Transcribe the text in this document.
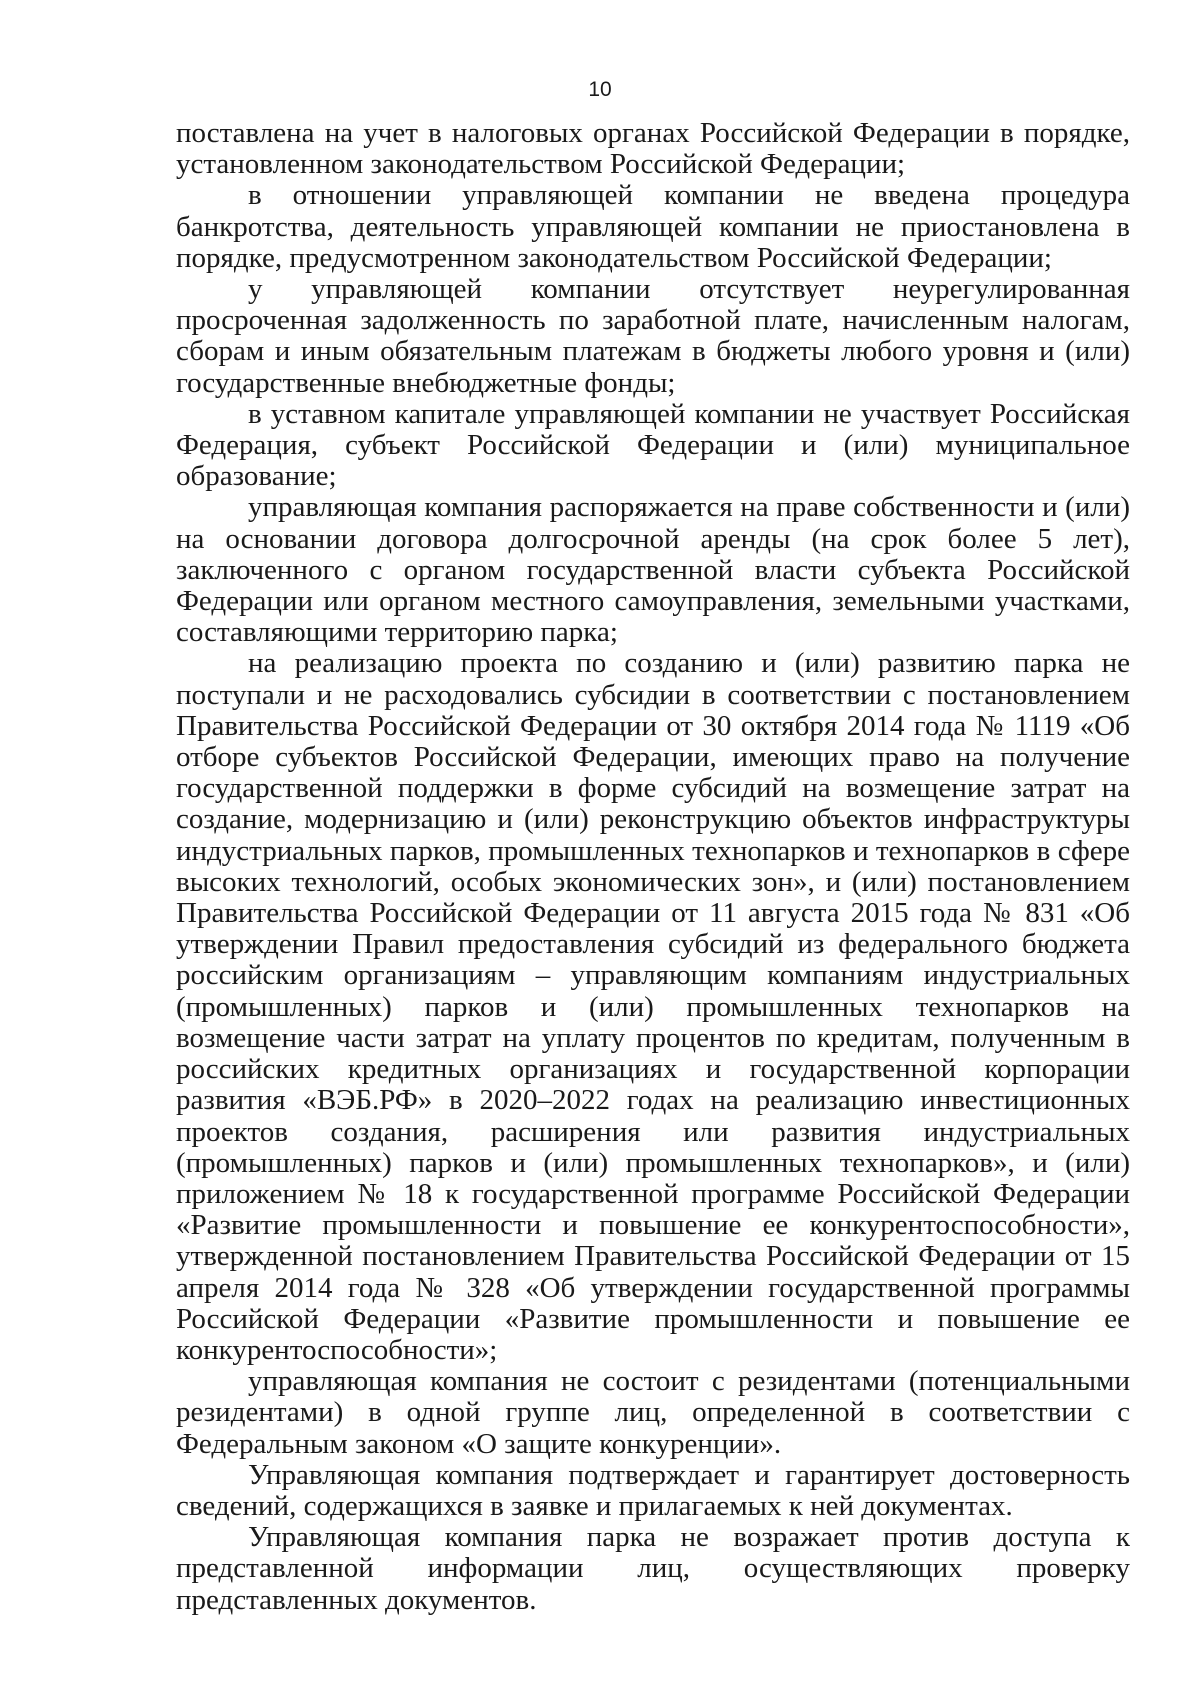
10

поставлена на учет в налоговых органах Российской Федерации в порядке, установленном законодательством Российской Федерации;

в отношении управляющей компании не введена процедура банкротства, деятельность управляющей компании не приостановлена в порядке, предусмотренном законодательством Российской Федерации;

у управляющей компании отсутствует неурегулированная просроченная задолженность по заработной плате, начисленным налогам, сборам и иным обязательным платежам в бюджеты любого уровня и (или) государственные внебюджетные фонды;

в уставном капитале управляющей компании не участвует Российская Федерация, субъект Российской Федерации и (или) муниципальное образование;

управляющая компания распоряжается на праве собственности и (или) на основании договора долгосрочной аренды (на срок более 5 лет), заключенного с органом государственной власти субъекта Российской Федерации или органом местного самоуправления, земельными участками, составляющими территорию парка;

на реализацию проекта по созданию и (или) развитию парка не поступали и не расходовались субсидии в соответствии с постановлением Правительства Российской Федерации от 30 октября 2014 года № 1119 «Об отборе субъектов Российской Федерации, имеющих право на получение государственной поддержки в форме субсидий на возмещение затрат на создание, модернизацию и (или) реконструкцию объектов инфраструктуры индустриальных парков, промышленных технопарков и технопарков в сфере высоких технологий, особых экономических зон», и (или) постановлением Правительства Российской Федерации от 11 августа 2015 года № 831 «Об утверждении Правил предоставления субсидий из федерального бюджета российским организациям – управляющим компаниям индустриальных (промышленных) парков и (или) промышленных технопарков на возмещение части затрат на уплату процентов по кредитам, полученным в российских кредитных организациях и государственной корпорации развития «ВЭБ.РФ» в 2020–2022 годах на реализацию инвестиционных проектов создания, расширения или развития индустриальных (промышленных) парков и (или) промышленных технопарков», и (или) приложением № 18 к государственной программе Российской Федерации «Развитие промышленности и повышение ее конкурентоспособности», утвержденной постановлением Правительства Российской Федерации от 15 апреля 2014 года № 328 «Об утверждении государственной программы Российской Федерации «Развитие промышленности и повышение ее конкурентоспособности»;

управляющая компания не состоит с резидентами (потенциальными резидентами) в одной группе лиц, определенной в соответствии с Федеральным законом «О защите конкуренции».

Управляющая компания подтверждает и гарантирует достоверность сведений, содержащихся в заявке и прилагаемых к ней документах.

Управляющая компания парка не возражает против доступа к представленной информации лиц, осуществляющих проверку представленных документов.
